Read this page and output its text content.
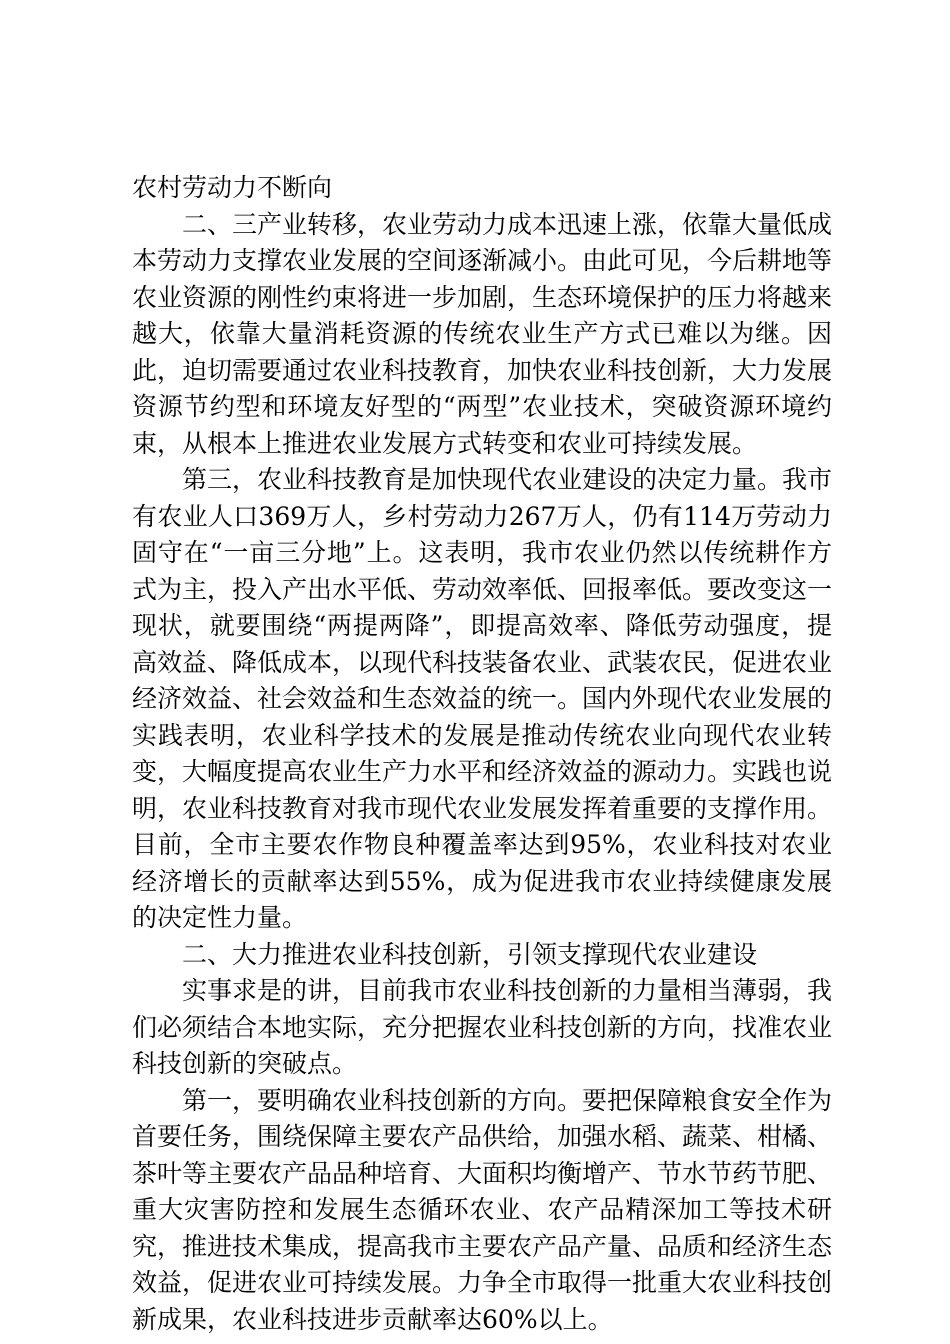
农村劳动力不断向

二、三产业转移，农业劳动力成本迅速上涨，依靠大量低成本劳动力支撑农业发展的空间逐渐减小。由此可见，今后耕地等农业资源的刚性约束将进一步加剧，生态环境保护的压力将越来越大，依靠大量消耗资源的传统农业生产方式已难以为继。因此，迫切需要通过农业科技教育，加快农业科技创新，大力发展资源节约型和环境友好型的“两型”农业技术，突破资源环境约束，从根本上推进农业发展方式转变和农业可持续发展。

第三，农业科技教育是加快现代农业建设的决定力量。我市有农业人口369万人，乡村劳动力267万人，仍有114万劳动力固守在“一亩三分地”上。这表明，我市农业仍然以传统耕作方式为主，投入产出水平低、劳动效率低、回报率低。要改变这一现状，就要围绕“两提两降”，即提高效率、降低劳动强度，提高效益、降低成本，以现代科技装备农业、武装农民，促进农业经济效益、社会效益和生态效益的统一。国内外现代农业发展的实践表明，农业科学技术的发展是推动传统农业向现代农业转变，大幅度提高农业生产力水平和经济效益的源动力。实践也说明，农业科技教育对我市现代农业发展发挥着重要的支撑作用。目前，全市主要农作物良种覆盖率达到95%，农业科技对农业经济增长的贡献率达到55%，成为促进我市农业持续健康发展的决定性力量。

二、大力推进农业科技创新，引领支撑现代农业建设

实事求是的讲，目前我市农业科技创新的力量相当薄弱，我们必须结合本地实际，充分把握农业科技创新的方向，找准农业科技创新的突破点。

第一，要明确农业科技创新的方向。要把保障粮食安全作为首要任务，围绕保障主要农产品供给，加强水稻、蔬菜、柑橘、茶叶等主要农产品品种培育、大面积均衡增产、节水节药节肥、重大灾害防控和发展生态循环农业、农产品精深加工等技术研究，推进技术集成，提高我市主要农产品产量、品质和经济生态效益，促进农业可持续发展。力争全市取得一批重大农业科技创新成果，农业科技进步贡献率达60%以上。
